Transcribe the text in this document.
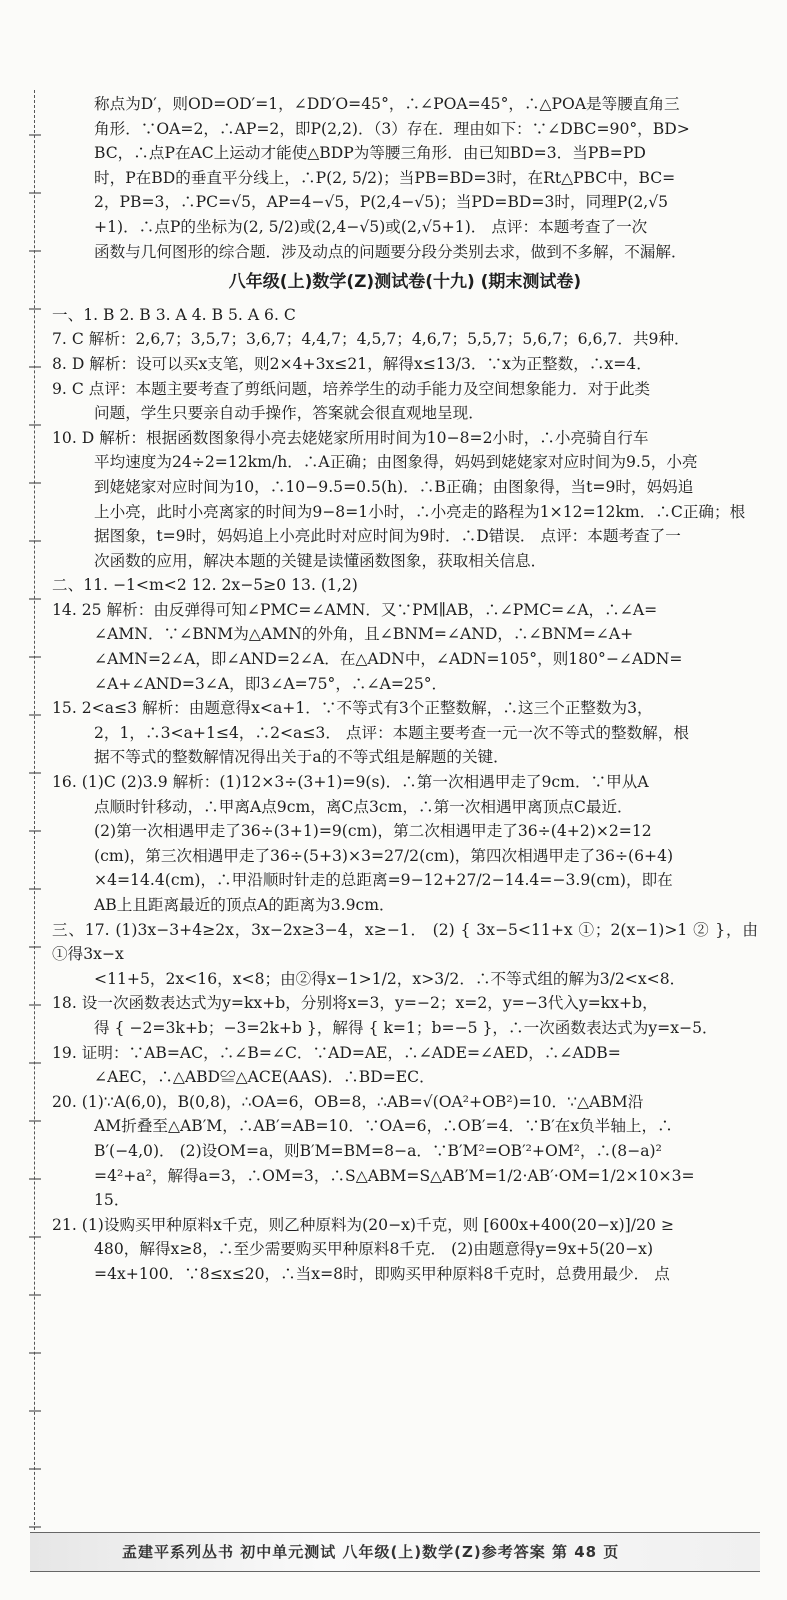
称点为D′，则OD=OD′=1，∠DD′O=45°，∴∠POA=45°，∴△POA是等腰直角三

角形．∵OA=2，∴AP=2，即P(2,2)．（3）存在．理由如下：∵∠DBC=90°，BD>

BC，∴点P在AC上运动才能使△BDP为等腰三角形．由已知BD=3．当PB=PD

时，P在BD的垂直平分线上，∴P(2, 5/2)；当PB=BD=3时，在Rt△PBC中，BC=

2，PB=3，∴PC=√5，AP=4−√5，P(2,4−√5)；当PD=BD=3时，同理P(2,√5

+1)．∴点P的坐标为(2, 5/2)或(2,4−√5)或(2,√5+1)． 点评：本题考查了一次

函数与几何图形的综合题．涉及动点的问题要分段分类别去求，做到不多解，不漏解．

八年级(上)数学(Z)测试卷(十九) (期末测试卷)

一、1. B 2. B 3. A 4. B 5. A 6. C

7. C 解析：2,6,7；3,5,7；3,6,7；4,4,7；4,5,7；4,6,7；5,5,7；5,6,7；6,6,7．共9种．

8. D 解析：设可以买x支笔，则2×4+3x≤21，解得x≤13/3．∵x为正整数，∴x=4．

9. C 点评：本题主要考查了剪纸问题，培养学生的动手能力及空间想象能力．对于此类

问题，学生只要亲自动手操作，答案就会很直观地呈现．

10. D 解析：根据函数图象得小亮去姥姥家所用时间为10−8=2小时，∴小亮骑自行车

平均速度为24÷2=12km/h．∴A正确；由图象得，妈妈到姥姥家对应时间为9.5，小亮

到姥姥家对应时间为10，∴10−9.5=0.5(h)．∴B正确；由图象得，当t=9时，妈妈追

上小亮，此时小亮离家的时间为9−8=1小时，∴小亮走的路程为1×12=12km．∴C正确；根

据图象，t=9时，妈妈追上小亮此时对应时间为9时．∴D错误． 点评：本题考查了一

次函数的应用，解决本题的关键是读懂函数图象，获取相关信息．

二、11. −1<m<2 12. 2x−5≥0 13. (1,2)

14. 25 解析：由反弹得可知∠PMC=∠AMN．又∵PM∥AB，∴∠PMC=∠A，∴∠A=

∠AMN．∵∠BNM为△AMN的外角，且∠BNM=∠AND，∴∠BNM=∠A+

∠AMN=2∠A，即∠AND=2∠A．在△ADN中，∠ADN=105°，则180°−∠ADN=

∠A+∠AND=3∠A，即3∠A=75°，∴∠A=25°．

15. 2<a≤3 解析：由题意得x<a+1．∵不等式有3个正整数解，∴这三个正整数为3，

2，1，∴3<a+1≤4，∴2<a≤3． 点评：本题主要考查一元一次不等式的整数解，根

据不等式的整数解情况得出关于a的不等式组是解题的关键．

16. (1)C (2)3.9 解析：(1)12×3÷(3+1)=9(s)．∴第一次相遇甲走了9cm．∵甲从A

点顺时针移动，∴甲离A点9cm，离C点3cm，∴第一次相遇甲离顶点C最近．

(2)第一次相遇甲走了36÷(3+1)=9(cm)，第二次相遇甲走了36÷(4+2)×2=12

(cm)，第三次相遇甲走了36÷(5+3)×3=27/2(cm)，第四次相遇甲走了36÷(6+4)

×4=14.4(cm)，∴甲沿顺时针走的总距离=9−12+27/2−14.4=−3.9(cm)，即在

AB上且距离最近的顶点A的距离为3.9cm．

三、17. (1)3x−3+4≥2x，3x−2x≥3−4，x≥−1． (2) { 3x−5<11+x ①；2(x−1)>1 ② }，由①得3x−x

<11+5，2x<16，x<8；由②得x−1>1/2，x>3/2．∴不等式组的解为3/2<x<8．

18. 设一次函数表达式为y=kx+b，分别将x=3，y=−2；x=2，y=−3代入y=kx+b，

得 { −2=3k+b；−3=2k+b }，解得 { k=1；b=−5 }，∴一次函数表达式为y=x−5．

19. 证明：∵AB=AC，∴∠B=∠C．∵AD=AE，∴∠ADE=∠AED，∴∠ADB=

∠AEC，∴△ABD≌△ACE(AAS)．∴BD=EC．

20. (1)∵A(6,0)，B(0,8)，∴OA=6，OB=8，∴AB=√(OA²+OB²)=10．∵△ABM沿

AM折叠至△AB′M，∴AB′=AB=10．∵OA=6，∴OB′=4．∵B′在x负半轴上，∴

B′(−4,0)． (2)设OM=a，则B′M=BM=8−a．∵B′M²=OB′²+OM²，∴(8−a)²

=4²+a²，解得a=3，∴OM=3，∴S△ABM=S△AB′M=1/2·AB′·OM=1/2×10×3=

15．

21. (1)设购买甲种原料x千克，则乙种原料为(20−x)千克，则 [600x+400(20−x)]/20 ≥

480，解得x≥8，∴至少需要购买甲种原料8千克． (2)由题意得y=9x+5(20−x)

=4x+100．∵8≤x≤20，∴当x=8时，即购买甲种原料8千克时，总费用最少． 点

孟建平系列丛书 初中单元测试 八年级(上)数学(Z)参考答案 第 48 页
